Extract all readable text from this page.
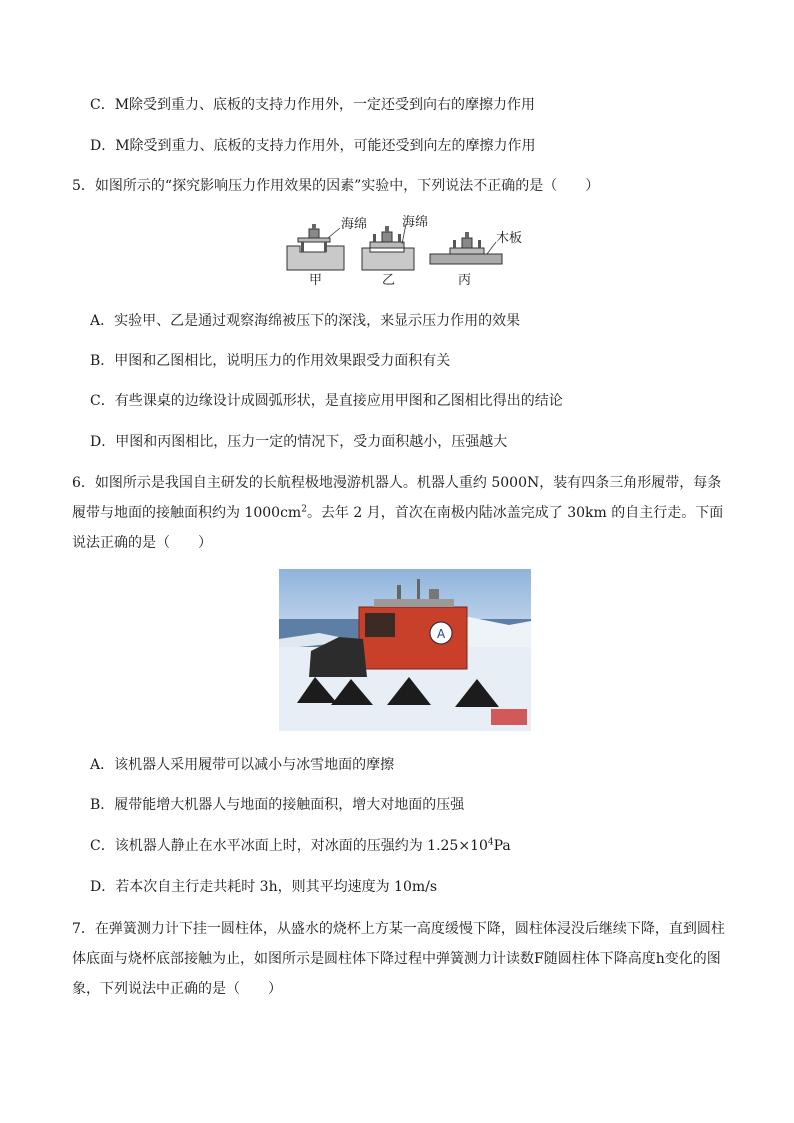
C．M除受到重力、底板的支持力作用外，一定还受到向右的摩擦力作用
D．M除受到重力、底板的支持力作用外，可能还受到向左的摩擦力作用
5．如图所示的“探究影响压力作用效果的因素”实验中，下列说法不正确的是（　　）
海绵	海绵
木板
甲	乙	丙
A．实验甲、乙是通过观察海绵被压下的深浅，来显示压力作用的效果
B．甲图和乙图相比，说明压力的作用效果跟受力面积有关
C．有些课桌的边缘设计成圆弧形状，是直接应用甲图和乙图相比得出的结论
D．甲图和丙图相比，压力一定的情况下，受力面积越小，压强越大
6．如图所示是我国自主研发的长航程极地漫游机器人。机器人重约 5000N，装有四条三角形履带，每条履带与地面的接触面积约为 $1000cm^2$。去年 2 月，首次在南极内陆冰盖完成了 30km 的自主行走。下面说法正确的是（　　）
A
A．该机器人采用履带可以减小与冰雪地面的摩擦
B．履带能增大机器人与地面的接触面积，增大对地面的压强
C．该机器人静止在水平冰面上时，对冰面的压强约为 $1.25\times 10^4Pa$
D．若本次自主行走共耗时 3h，则其平均速度为 10m/s
7．在弹簧测力计下挂一圆柱体，从盛水的烧杯上方某一高度缓慢下降，圆柱体浸没后继续下降，直到圆柱体底面与烧杯底部接触为止，如图所示是圆柱体下降过程中弹簧测力计读数F随圆柱体下降高度h变化的图象，下列说法中正确的是（　　）
